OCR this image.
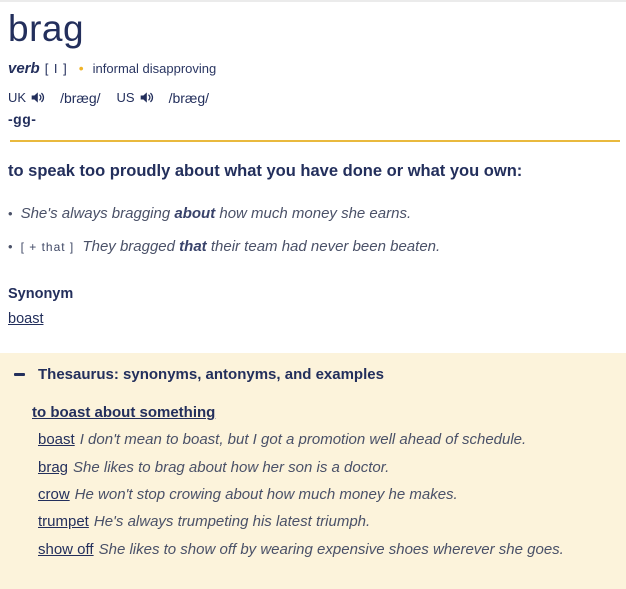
brag
verb [ I ] • informal disapproving
UK /bræg/ US /bræg/
-gg-
to speak too proudly about what you have done or what you own:
• She's always bragging about how much money she earns.
• [ + that ] They bragged that their team had never been beaten.
Synonym
boast
Thesaurus: synonyms, antonyms, and examples
to boast about something
boast I don't mean to boast, but I got a promotion well ahead of schedule.
brag She likes to brag about how her son is a doctor.
crow He won't stop crowing about how much money he makes.
trumpet He's always trumpeting his latest triumph.
show off She likes to show off by wearing expensive shoes wherever she goes.
